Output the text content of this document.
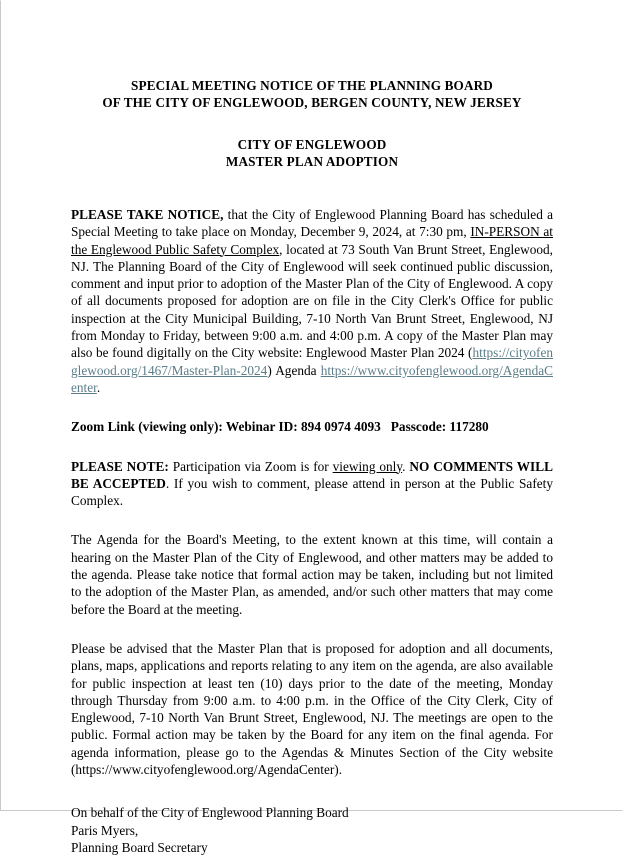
SPECIAL MEETING NOTICE OF THE PLANNING BOARD
OF THE CITY OF ENGLEWOOD, BERGEN COUNTY, NEW JERSEY
CITY OF ENGLEWOOD
MASTER PLAN ADOPTION

PLEASE TAKE NOTICE, that the City of Englewood Planning Board has scheduled a Special Meeting to take place on Monday, December 9, 2024, at 7:30 pm, IN-PERSON at the Englewood Public Safety Complex, located at 73 South Van Brunt Street, Englewood, NJ. The Planning Board of the City of Englewood will seek continued public discussion, comment and input prior to adoption of the Master Plan of the City of Englewood. A copy of all documents proposed for adoption are on file in the City Clerk's Office for public inspection at the City Municipal Building, 7-10 North Van Brunt Street, Englewood, NJ from Monday to Friday, between 9:00 a.m. and 4:00 p.m. A copy of the Master Plan may also be found digitally on the City website: Englewood Master Plan 2024 (https://cityofenglewood.org/1467/Master-Plan-2024) Agenda https://www.cityofenglewood.org/AgendaCenter.

Zoom Link (viewing only): Webinar ID: 894 0974 4093 Passcode: 117280

PLEASE NOTE: Participation via Zoom is for viewing only. NO COMMENTS WILL BE ACCEPTED. If you wish to comment, please attend in person at the Public Safety Complex.

The Agenda for the Board's Meeting, to the extent known at this time, will contain a hearing on the Master Plan of the City of Englewood, and other matters may be added to the agenda. Please take notice that formal action may be taken, including but not limited to the adoption of the Master Plan, as amended, and/or such other matters that may come before the Board at the meeting.

Please be advised that the Master Plan that is proposed for adoption and all documents, plans, maps, applications and reports relating to any item on the agenda, are also available for public inspection at least ten (10) days prior to the date of the meeting, Monday through Thursday from 9:00 a.m. to 4:00 p.m. in the Office of the City Clerk, City of Englewood, 7-10 North Van Brunt Street, Englewood, NJ. The meetings are open to the public. Formal action may be taken by the Board for any item on the final agenda. For agenda information, please go to the Agendas & Minutes Section of the City website (https://www.cityofenglewood.org/AgendaCenter).

On behalf of the City of Englewood Planning Board
Paris Myers,
Planning Board Secretary
